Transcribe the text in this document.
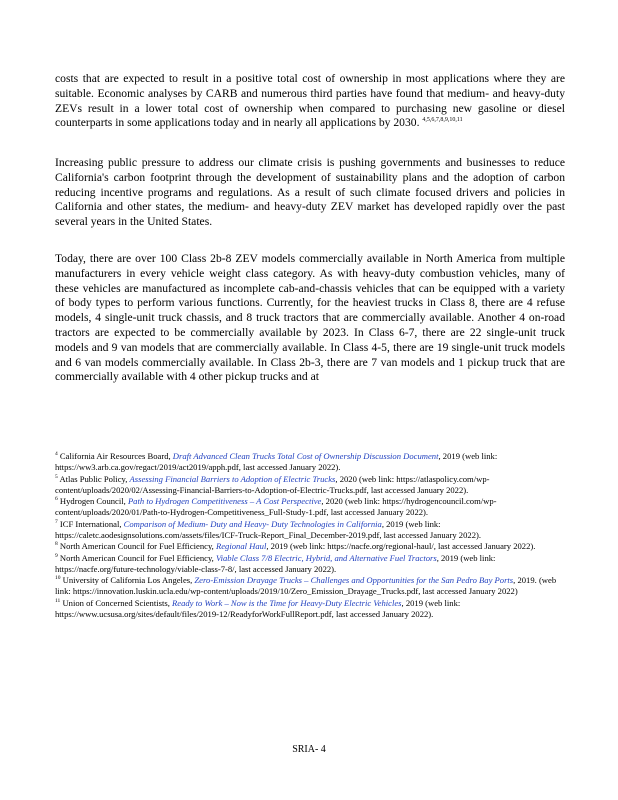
costs that are expected to result in a positive total cost of ownership in most applications where they are suitable. Economic analyses by CARB and numerous third parties have found that medium- and heavy-duty ZEVs result in a lower total cost of ownership when compared to purchasing new gasoline or diesel counterparts in some applications today and in nearly all applications by 2030. $^{4,5,6,7,8,9,10,11}$

Increasing public pressure to address our climate crisis is pushing governments and businesses to reduce California's carbon footprint through the development of sustainability plans and the adoption of carbon reducing incentive programs and regulations. As a result of such climate focused drivers and policies in California and other states, the medium- and heavy-duty ZEV market has developed rapidly over the past several years in the United States.

Today, there are over 100 Class 2b-8 ZEV models commercially available in North America from multiple manufacturers in every vehicle weight class category. As with heavy-duty combustion vehicles, many of these vehicles are manufactured as incomplete cab-and-chassis vehicles that can be equipped with a variety of body types to perform various functions. Currently, for the heaviest trucks in Class 8, there are 4 refuse models, 4 single-unit truck chassis, and 8 truck tractors that are commercially available. Another 4 on-road tractors are expected to be commercially available by 2023. In Class 6-7, there are 22 single-unit truck models and 9 van models that are commercially available. In Class 4-5, there are 19 single-unit truck models and 6 van models commercially available. In Class 2b-3, there are 7 van models and 1 pickup truck that are commercially available with 4 other pickup trucks and at

$^4$ California Air Resources Board, Draft Advanced Clean Trucks Total Cost of Ownership Discussion Document, 2019 (web link: https://ww3.arb.ca.gov/regact/2019/act2019/apph.pdf, last accessed January 2022).

$^5$ Atlas Public Policy, Assessing Financial Barriers to Adoption of Electric Trucks, 2020 (web link: https://atlaspolicy.com/wp-content/uploads/2020/02/Assessing-Financial-Barriers-to-Adoption-of-Electric-Trucks.pdf, last accessed January 2022).

$^6$ Hydrogen Council, Path to Hydrogen Competitiveness – A Cost Perspective, 2020 (web link: https://hydrogencouncil.com/wp-content/uploads/2020/01/Path-to-Hydrogen-Competitiveness_Full-Study-1.pdf, last accessed January 2022).

$^7$ ICF International, Comparison of Medium- Duty and Heavy- Duty Technologies in California, 2019 (web link: https://caletc.aodesignsolutions.com/assets/files/ICF-Truck-Report_Final_December-2019.pdf, last accessed January 2022).

$^8$ North American Council for Fuel Efficiency, Regional Haul, 2019 (web link: https://nacfe.org/regional-haul/, last accessed January 2022).

$^9$ North American Council for Fuel Efficiency, Viable Class 7/8 Electric, Hybrid, and Alternative Fuel Tractors, 2019 (web link: https://nacfe.org/future-technology/viable-class-7-8/, last accessed January 2022).

$^{10}$ University of California Los Angeles, Zero-Emission Drayage Trucks – Challenges and Opportunities for the San Pedro Bay Ports, 2019. (web link: https://innovation.luskin.ucla.edu/wp-content/uploads/2019/10/Zero_Emission_Drayage_Trucks.pdf, last accessed January 2022)

$^{11}$ Union of Concerned Scientists, Ready to Work – Now is the Time for Heavy-Duty Electric Vehicles, 2019 (web link: https://www.ucsusa.org/sites/default/files/2019-12/ReadyforWorkFullReport.pdf, last accessed January 2022).

SRIA- 4
